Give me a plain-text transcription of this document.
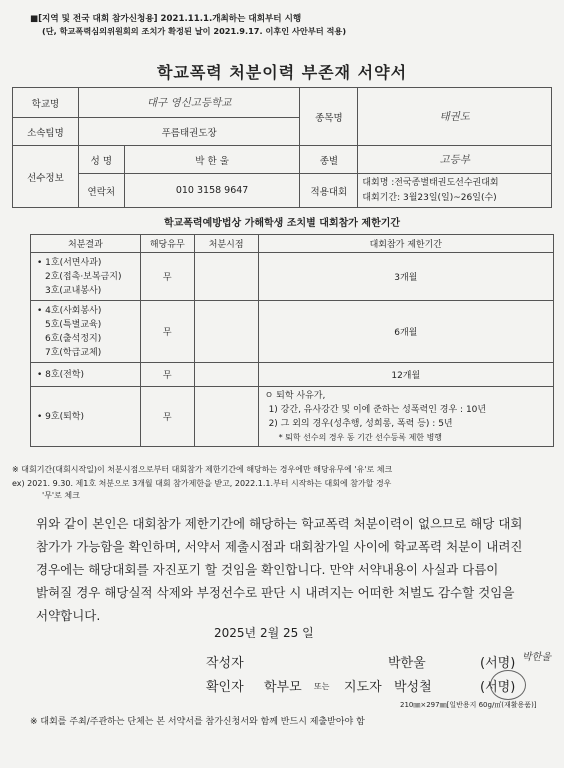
■[지역 및 전국 대회 참가신청용] 2021.11.1.개최하는 대회부터 시행
(단, 학교폭력심의위원회의 조치가 확정된 날이 2021.9.17. 이후인 사안부터 적용)
학교폭력 처분이력 부존재 서약서
학교명	대구 영신고등학교		종목명	태권도
소속팀명	푸름태권도장			
선수정보	성 명	박 한 울	종별	고등부
	연락처	010 3158 9647	적용대회	대회명 :전국종별태권도선수권대회
대회기간: 3월23일(일)~26일(수)
학교폭력예방법상 가해학생 조치별 대회참가 제한기간
처분결과	해당유무	처분시점	대회참가 제한기간

• 1호(서면사과)
2호(접촉·보복금지)
3호(교내봉사)	무		3개월

• 4호(사회봉사)
5호(특별교육)
6호(출석정지)
7호(학급교체)	무		6개월

• 8호(전학)	무		12개월

• 9호(퇴학)	무		ㅇ 퇴학 사유가,
1) 강간, 유사강간 및 이에 준하는 성폭력인 경우 : 10년
2) 그 외의 경우(성추행, 성희롱, 폭력 등) : 5년
* 퇴학 선수의 경우 동 기간 선수등록 제한 병행
※ 대회기간(대회시작일)이 처분시점으로부터 대회참가 제한기간에 해당하는 경우에만 해당유무에 '유'로 체크
ex) 2021. 9.30. 제1호 처분으로 3개월 대회 참가제한을 받고, 2022.1.1.부터 시작하는 대회에 참가할 경우
'무'로 체크
위와 같이 본인은 대회참가 제한기간에 해당하는 학교폭력 처분이력이 없으므로 해당 대회 참가가 가능함을 확인하며, 서약서 제출시점과 대회참가일 사이에 학교폭력 처분이 내려진 경우에는 해당대회를 자진포기 할 것임을 확인합니다. 만약 서약내용이 사실과 다름이 밝혀질 경우 해당실적 삭제와 부정선수로 판단 시 내려지는 어떠한 처벌도 감수할 것임을 서약합니다.
2025년 2월 25 일
작성자	박한울	(서명) 박한울
확인자 학부모 또는 지도자 박성철	(서명)
210㎜×297㎜[일반용지 60g/㎡(재활용품)]
※ 대회를 주최/주관하는 단체는 본 서약서를 참가신청서와 함께 반드시 제출받아야 함
